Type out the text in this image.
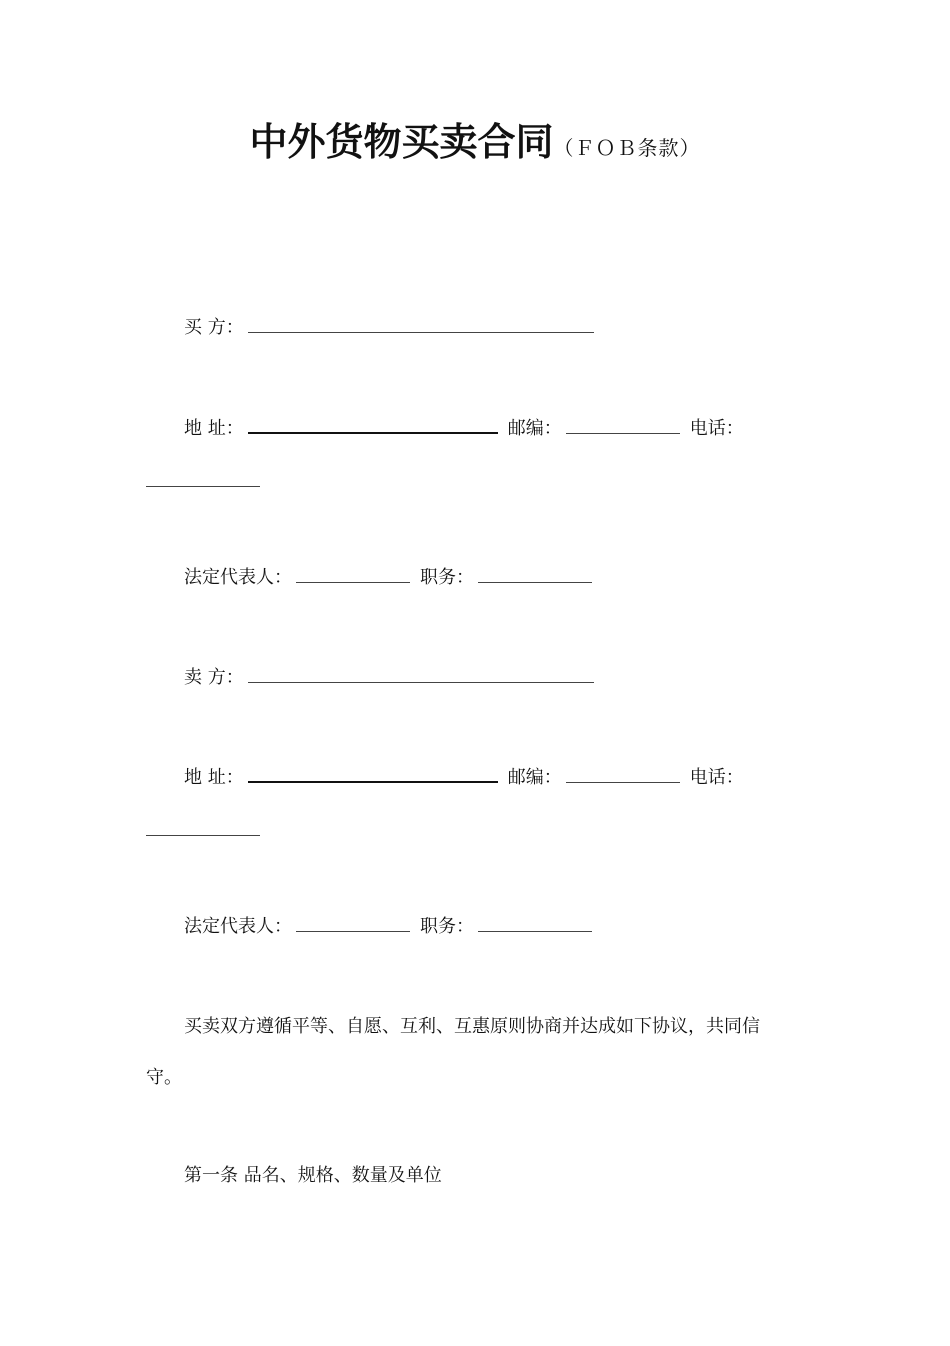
中外货物买卖合同（ＦＯＢ条款）
买 方：
地 址：	邮编：	电话：
法定代表人：	职务：
卖 方：
地 址：	邮编：	电话：
法定代表人：	职务：
买卖双方遵循平等、自愿、互利、互惠原则协商并达成如下协议，共同信
守。
第一条 品名、规格、数量及单位
